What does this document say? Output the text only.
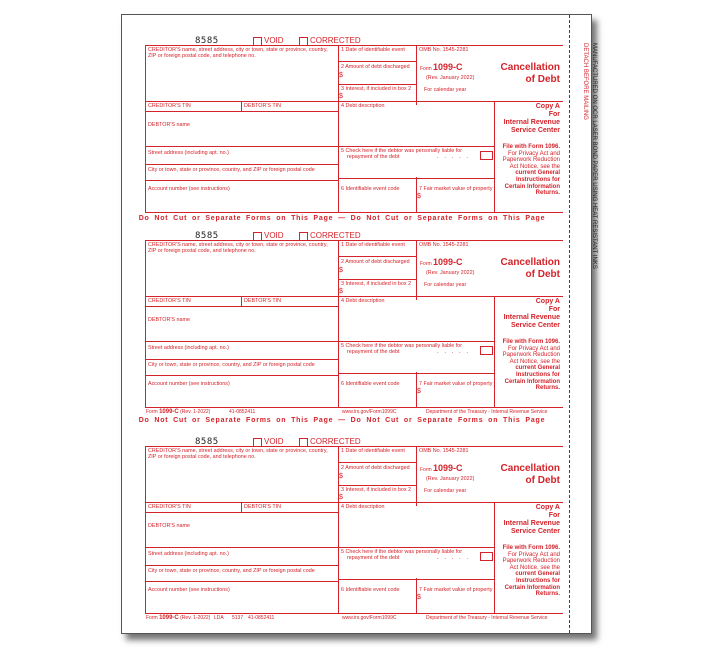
DETACH BEFORE MAILING MANUFACTURED ON OCR LASER BOND PAPER USING HEAT RESISTANT INKS
8585	VOID	CORRECTED
CREDITOR'S name, street address, city or town, state or province, country, ZIP or foreign postal code, and telephone no.
1 Date of identifiable event	OMB No. 1545-2281
2 Amount of debt discharged
$
Form 1099-C
(Rev. January 2022)
3 Interest, if included in box 2
$
For calendar year
Cancellation
of Debt
CREDITOR'S TIN	DEBTOR'S TIN	4 Debt description	Copy A
For
Internal Revenue
Service Center
DEBTOR'S name
File with Form 1096.
For Privacy Act and
Paperwork Reduction
Act Notice, see the
current General
Instructions for
Certain Information
Returns.
Street address (including apt. no.)	5 Check here if the debtor was personally liable for
repayment of the debt	. . . . .
City or town, state or province, country, and ZIP or foreign postal code
Account number (see instructions)	6 Identifiable event code	7 Fair market value of property
$
Do Not Cut or Separate Forms on This Page — Do Not Cut or Separate Forms on This Page
8585	VOID	CORRECTED
CREDITOR'S name, street address, city or town, state or province, country, ZIP or foreign postal code, and telephone no.
1 Date of identifiable event	OMB No. 1545-2281
2 Amount of debt discharged
$
Form 1099-C
(Rev. January 2022)
3 Interest, if included in box 2
$
For calendar year
Cancellation
of Debt
CREDITOR'S TIN	DEBTOR'S TIN	4 Debt description	Copy A
For
Internal Revenue
Service Center
DEBTOR'S name
File with Form 1096.
For Privacy Act and
Paperwork Reduction
Act Notice, see the
current General
Instructions for
Certain Information
Returns.
Street address (including apt. no.)	5 Check here if the debtor was personally liable for
repayment of the debt	. . . . .
City or town, state or province, country, and ZIP or foreign postal code
Account number (see instructions)	6 Identifiable event code	7 Fair market value of property
$
Form 1099-C (Rev. 1-2022)	41-0852411	www.irs.gov/Form1099C	Department of the Treasury - Internal Revenue Service
Do Not Cut or Separate Forms on This Page — Do Not Cut or Separate Forms on This Page
8585	VOID	CORRECTED
CREDITOR'S name, street address, city or town, state or province, country, ZIP or foreign postal code, and telephone no.
1 Date of identifiable event	OMB No. 1545-2281
2 Amount of debt discharged
$
Form 1099-C
(Rev. January 2022)
3 Interest, if included in box 2
$
For calendar year
Cancellation
of Debt
CREDITOR'S TIN	DEBTOR'S TIN	4 Debt description	Copy A
For
Internal Revenue
Service Center
DEBTOR'S name
File with Form 1096.
For Privacy Act and
Paperwork Reduction
Act Notice, see the
current General
Instructions for
Certain Information
Returns.
Street address (including apt. no.)	5 Check here if the debtor was personally liable for
repayment of the debt	. . . . .
City or town, state or province, country, and ZIP or foreign postal code
Account number (see instructions)	6 Identifiable event code	7 Fair market value of property
$
Form 1099-C (Rev. 1-2022) LDA 5137 41-0852411	www.irs.gov/Form1099C	Department of the Treasury - Internal Revenue Service
